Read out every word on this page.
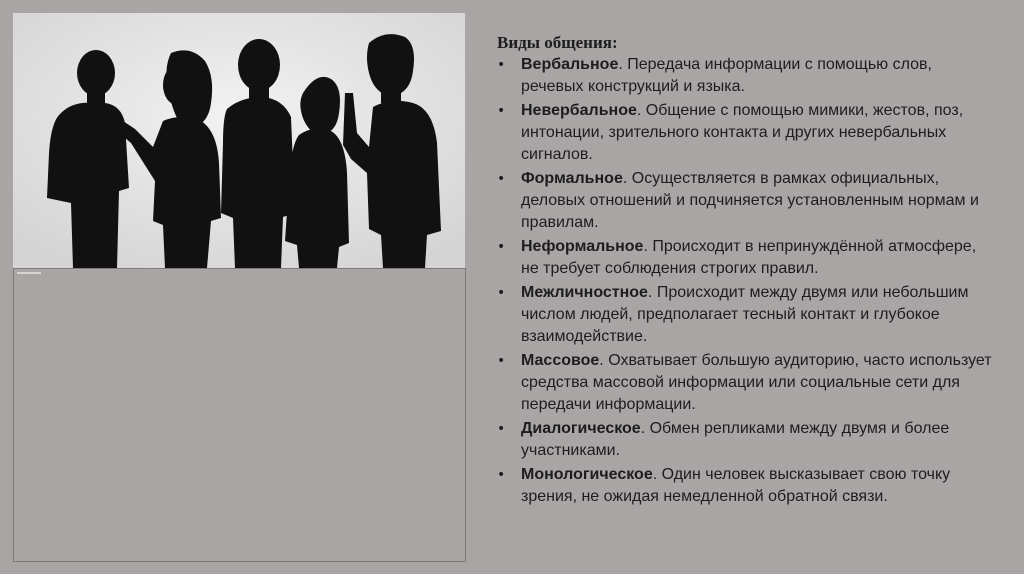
Виды общения:
• Вербальное. Передача информации с помощью слов, речевых конструкций и языка.
• Невербальное. Общение с помощью мимики, жестов, поз, интонации, зрительного контакта и других невербальных сигналов.
• Формальное. Осуществляется в рамках официальных, деловых отношений и подчиняется установленным нормам и правилам.
• Неформальное. Происходит в непринуждённой атмосфере, не требует соблюдения строгих правил.
• Межличностное. Происходит между двумя или небольшим числом людей, предполагает тесный контакт и глубокое взаимодействие.
• Массовое. Охватывает большую аудиторию, часто использует средства массовой информации или социальные сети для передачи информации.
• Диалогическое. Обмен репликами между двумя и более участниками.
• Монологическое. Один человек высказывает свою точку зрения, не ожидая немедленной обратной связи.
